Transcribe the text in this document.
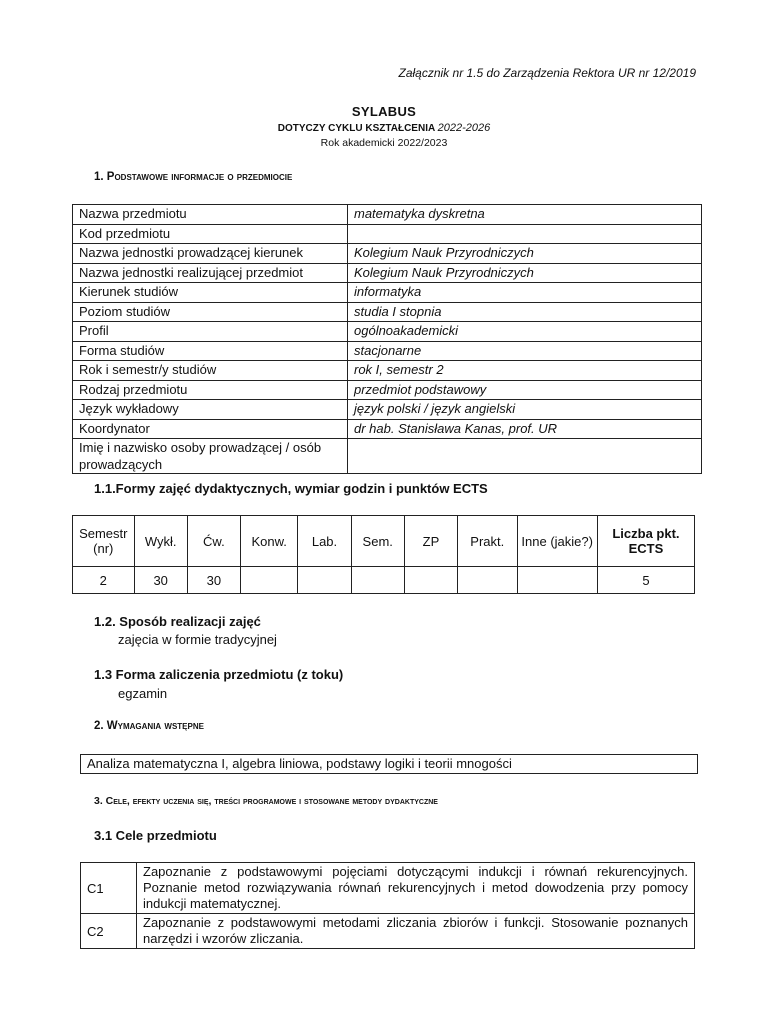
Załącznik nr 1.5 do Zarządzenia Rektora UR nr 12/2019
SYLABUS
DOTYCZY CYKLU KSZTAŁCENIA 2022-2026
Rok akademicki 2022/2023
1. Podstawowe informacje o przedmiocie
Nazwa przedmiotu	matematyka dyskretna
Kod przedmiotu	
Nazwa jednostki prowadzącej kierunek	Kolegium Nauk Przyrodniczych
Nazwa jednostki realizującej przedmiot	Kolegium Nauk Przyrodniczych
Kierunek studiów	informatyka
Poziom studiów	studia I stopnia
Profil	ogólnoakademicki
Forma studiów	stacjonarne
Rok i semestr/y studiów	rok I, semestr 2
Rodzaj przedmiotu	przedmiot podstawowy
Język wykładowy	język polski / język angielski
Koordynator	dr hab. Stanisława Kanas, prof. UR
Imię i nazwisko osoby prowadzącej / osób prowadzących	
1.1.Formy zajęć dydaktycznych, wymiar godzin i punktów ECTS
Semestr (nr)	Wykł.	Ćw.	Konw.	Lab.	Sem.	ZP	Prakt.	Inne (jakie?)	Liczba pkt. ECTS
2	30	30							5
1.2. Sposób realizacji zajęć
zajęcia w formie tradycyjnej
1.3 Forma zaliczenia przedmiotu (z toku)
egzamin
2. Wymagania wstępne
Analiza matematyczna I, algebra liniowa, podstawy logiki i teorii mnogości
3. Cele, efekty uczenia się, treści programowe i stosowane metody dydaktyczne
3.1 Cele przedmiotu
C1	Zapoznanie z podstawowymi pojęciami dotyczącymi indukcji i równań rekurencyjnych. Poznanie metod rozwiązywania równań rekurencyjnych i metod dowodzenia przy pomocy indukcji matematycznej.
C2	Zapoznanie z podstawowymi metodami zliczania zbiorów i funkcji. Stosowanie poznanych narzędzi i wzorów zliczania.
